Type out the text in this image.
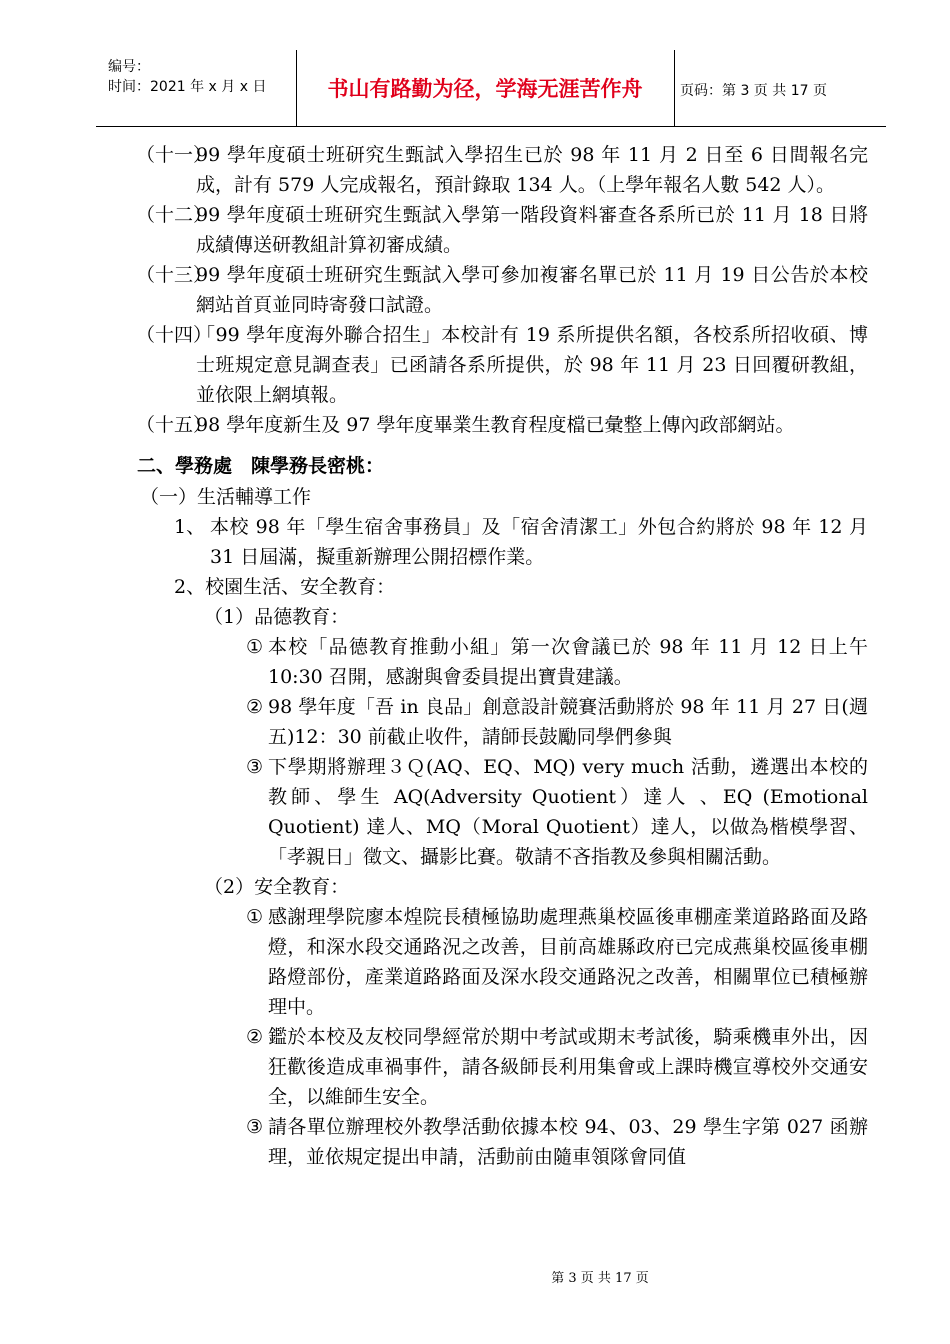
编号：
时间：2021 年 x 月 x 日	书山有路勤为径，学海无涯苦作舟	页码：第 3 页 共 17 页
（十一）
99 學年度碩士班研究生甄試入學招生已於 98 年 11 月 2 日至 6 日間報名完成，計有 579 人完成報名，預計錄取 134 人。（上學年報名人數 542 人）。
（十二）
99 學年度碩士班研究生甄試入學第一階段資料審查各系所已於 11 月 18 日將成績傳送研教組計算初審成績。
（十三）
99 學年度碩士班研究生甄試入學可參加複審名單已於 11 月 19 日公告於本校網站首頁並同時寄發口試證。
（十四）
「99 學年度海外聯合招生」本校計有 19 系所提供名額，各校系所招收碩、博士班規定意見調查表」已函請各系所提供，於 98 年 11 月 23 日回覆研教組，並依限上網填報。
（十五）
98 學年度新生及 97 學年度畢業生教育程度檔已彙整上傳內政部網站。
二、學務處　陳學務長密桃：
（一）生活輔導工作
1、 本校 98 年「學生宿舍事務員」及「宿舍清潔工」外包合約將於 98 年 12 月 31 日屆滿，擬重新辦理公開招標作業。
2、校園生活、安全教育：
（1）品德教育：
① 本校「品德教育推動小組」第一次會議已於 98 年 11 月 12 日上午 10:30 召開，感謝與會委員提出寶貴建議。
② 98 學年度「吾 in 良品」創意設計競賽活動將於 98 年 11 月 27 日(週五)12：30 前截止收件，請師長鼓勵同學們參與
③ 下學期將辦理３Ｑ(AQ、EQ、MQ) very much 活動，遴選出本校的教師、學生 AQ(Adversity Quotient）達人 、EQ (Emotional Quotient) 達人、MQ（Moral Quotient）達人，以做為楷模學習、「孝親日」徵文、攝影比賽。敬請不吝指教及參與相關活動。
（2）安全教育：
① 感謝理學院廖本煌院長積極協助處理燕巢校區後車棚產業道路路面及路燈，和深水段交通路況之改善，目前高雄縣政府已完成燕巢校區後車棚路燈部份，產業道路路面及深水段交通路況之改善，相關單位已積極辦理中。
② 鑑於本校及友校同學經常於期中考試或期末考試後，騎乘機車外出，因狂歡後造成車禍事件，請各級師長利用集會或上課時機宣導校外交通安全，以維師生安全。
③ 請各單位辦理校外教學活動依據本校 94、03、29 學生字第 027 函辦理，並依規定提出申請，活動前由隨車領隊會同值
第 3 页 共 17 页
